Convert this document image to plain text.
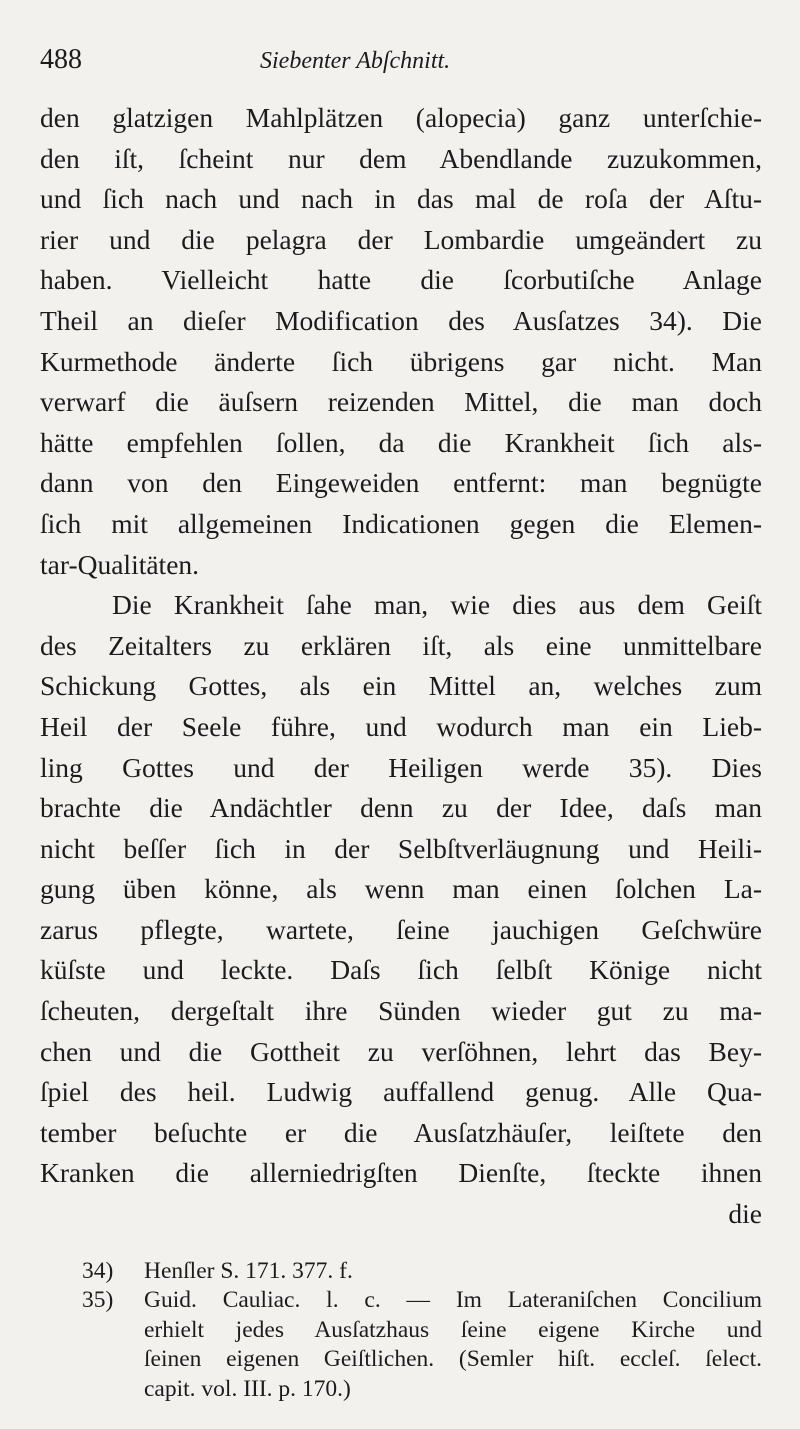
488	Siebenter Abſchnitt.

den glatzigen Mahlplätzen (alopecia) ganz unterſchie-

den iſt, ſcheint nur dem Abendlande zuzukommen,

und ſich nach und nach in das mal de roſa der Aſtu-

rier und die pelagra der Lombardie umgeändert zu

haben. Vielleicht hatte die ſcorbutiſche Anlage

Theil an dieſer Modification des Ausſatzes 34). Die

Kurmethode änderte ſich übrigens gar nicht. Man

verwarf die äuſsern reizenden Mittel, die man doch

hätte empfehlen ſollen, da die Krankheit ſich als-

dann von den Eingeweiden entfernt: man begnügte

ſich mit allgemeinen Indicationen gegen die Elemen-

tar-Qualitäten.

Die Krankheit ſahe man, wie dies aus dem Geiſt

des Zeitalters zu erklären iſt, als eine unmittelbare

Schickung Gottes, als ein Mittel an, welches zum

Heil der Seele führe, und wodurch man ein Lieb-

ling Gottes und der Heiligen werde 35). Dies

brachte die Andächtler denn zu der Idee, daſs man

nicht beſſer ſich in der Selbſtverläugnung und Heili-

gung üben könne, als wenn man einen ſolchen La-

zarus pflegte, wartete, ſeine jauchigen Geſchwüre

küſste und leckte. Daſs ſich ſelbſt Könige nicht

ſcheuten, dergeſtalt ihre Sünden wieder gut zu ma-

chen und die Gottheit zu verſöhnen, lehrt das Bey-

ſpiel des heil. Ludwig auffallend genug. Alle Qua-

tember beſuchte er die Ausſatzhäuſer, leiſtete den

Kranken die allerniedrigſten Dienſte, ſteckte ihnen

die

34)	Henſler S. 171. 377. f.
35)	Guid. Cauliac. l. c. — Im Lateraniſchen Concilium
erhielt jedes Ausſatzhaus ſeine eigene Kirche und
ſeinen eigenen Geiſtlichen. (Semler hiſt. eccleſ. ſelect.
capit. vol. III. p. 170.)
